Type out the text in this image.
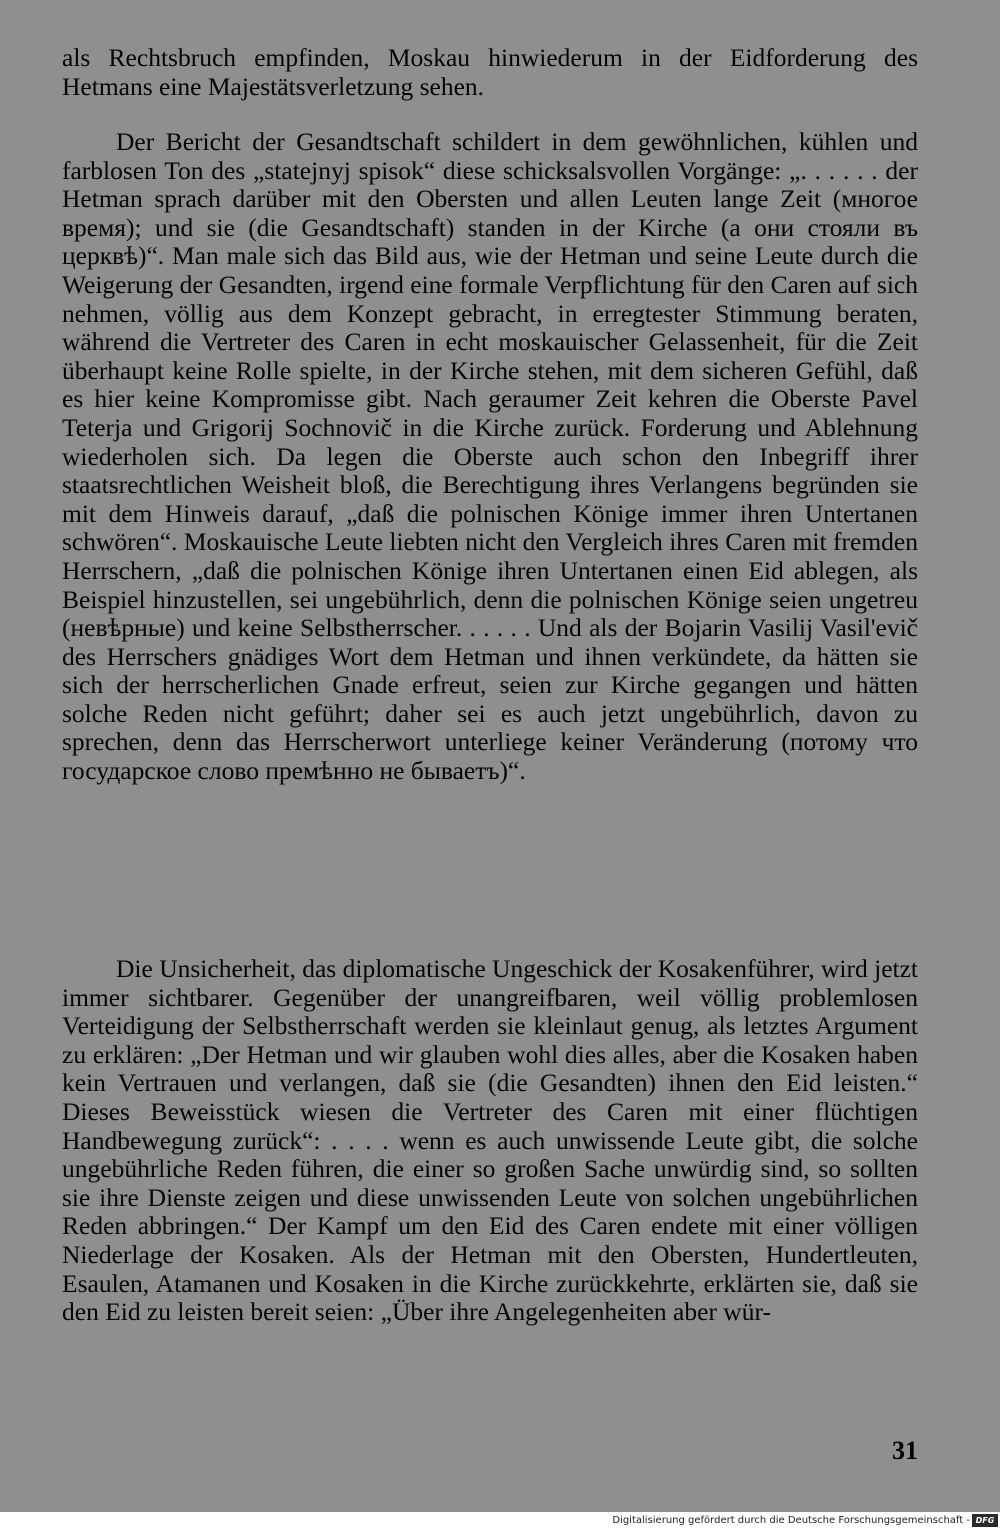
als Rechtsbruch empfinden, Moskau hinwiederum in der Eidforderung des Hetmans eine Majestätsverletzung sehen.

Der Bericht der Gesandtschaft schildert in dem gewöhnlichen, kühlen und farblosen Ton des „statejnyj spisok“ diese schicksalsvollen Vorgänge: „. . . . . . der Hetman sprach darüber mit den Obersten und allen Leuten lange Zeit (многое время); und sie (die Gesandtschaft) standen in der Kirche (а они стояли въ церквѣ)“. Man male sich das Bild aus, wie der Hetman und seine Leute durch die Weigerung der Gesandten, irgend eine formale Verpflichtung für den Caren auf sich nehmen, völlig aus dem Konzept gebracht, in erregtester Stimmung beraten, während die Vertreter des Caren in echt moskauischer Gelassenheit, für die Zeit überhaupt keine Rolle spielte, in der Kirche stehen, mit dem sicheren Gefühl, daß es hier keine Kompromisse gibt. Nach geraumer Zeit kehren die Oberste Pavel Teterja und Grigorij Sochnovič in die Kirche zurück. Forderung und Ablehnung wiederholen sich. Da legen die Oberste auch schon den Inbegriff ihrer staatsrechtlichen Weisheit bloß, die Berechtigung ihres Verlangens begründen sie mit dem Hinweis darauf, „daß die polnischen Könige immer ihren Untertanen schwören“. Moskauische Leute liebten nicht den Vergleich ihres Caren mit fremden Herrschern, „daß die polnischen Könige ihren Untertanen einen Eid ablegen, als Beispiel hinzustellen, sei ungebührlich, denn die polnischen Könige seien ungetreu (невѣрные) und keine Selbstherrscher. . . . . . Und als der Bojarin Vasilij Vasil'evič des Herrschers gnädiges Wort dem Hetman und ihnen verkündete, da hätten sie sich der herrscherlichen Gnade erfreut, seien zur Kirche gegangen und hätten solche Reden nicht geführt; daher sei es auch jetzt ungebührlich, davon zu sprechen, denn das Herrscherwort unterliege keiner Veränderung (потому что государское слово премѣнно не бываетъ)“.

Die Unsicherheit, das diplomatische Ungeschick der Kosakenführer, wird jetzt immer sichtbarer. Gegenüber der unangreifbaren, weil völlig problemlosen Verteidigung der Selbstherrschaft werden sie kleinlaut genug, als letztes Argument zu erklären: „Der Hetman und wir glauben wohl dies alles, aber die Kosaken haben kein Vertrauen und verlangen, daß sie (die Gesandten) ihnen den Eid leisten.“ Dieses Beweisstück wiesen die Vertreter des Caren mit einer flüchtigen Handbewegung zurück“: . . . . wenn es auch unwissende Leute gibt, die solche ungebührliche Reden führen, die einer so großen Sache unwürdig sind, so sollten sie ihre Dienste zeigen und diese unwissenden Leute von solchen ungebührlichen Reden abbringen.“ Der Kampf um den Eid des Caren endete mit einer völligen Niederlage der Kosaken. Als der Hetman mit den Obersten, Hundertleuten, Esaulen, Atamanen und Kosaken in die Kirche zurückkehrte, erklärten sie, daß sie den Eid zu leisten bereit seien: „Über ihre Angelegenheiten aber wür-

31
Digitalisierung gefördert durch die Deutsche Forschungsgemeinschaft - DFG
